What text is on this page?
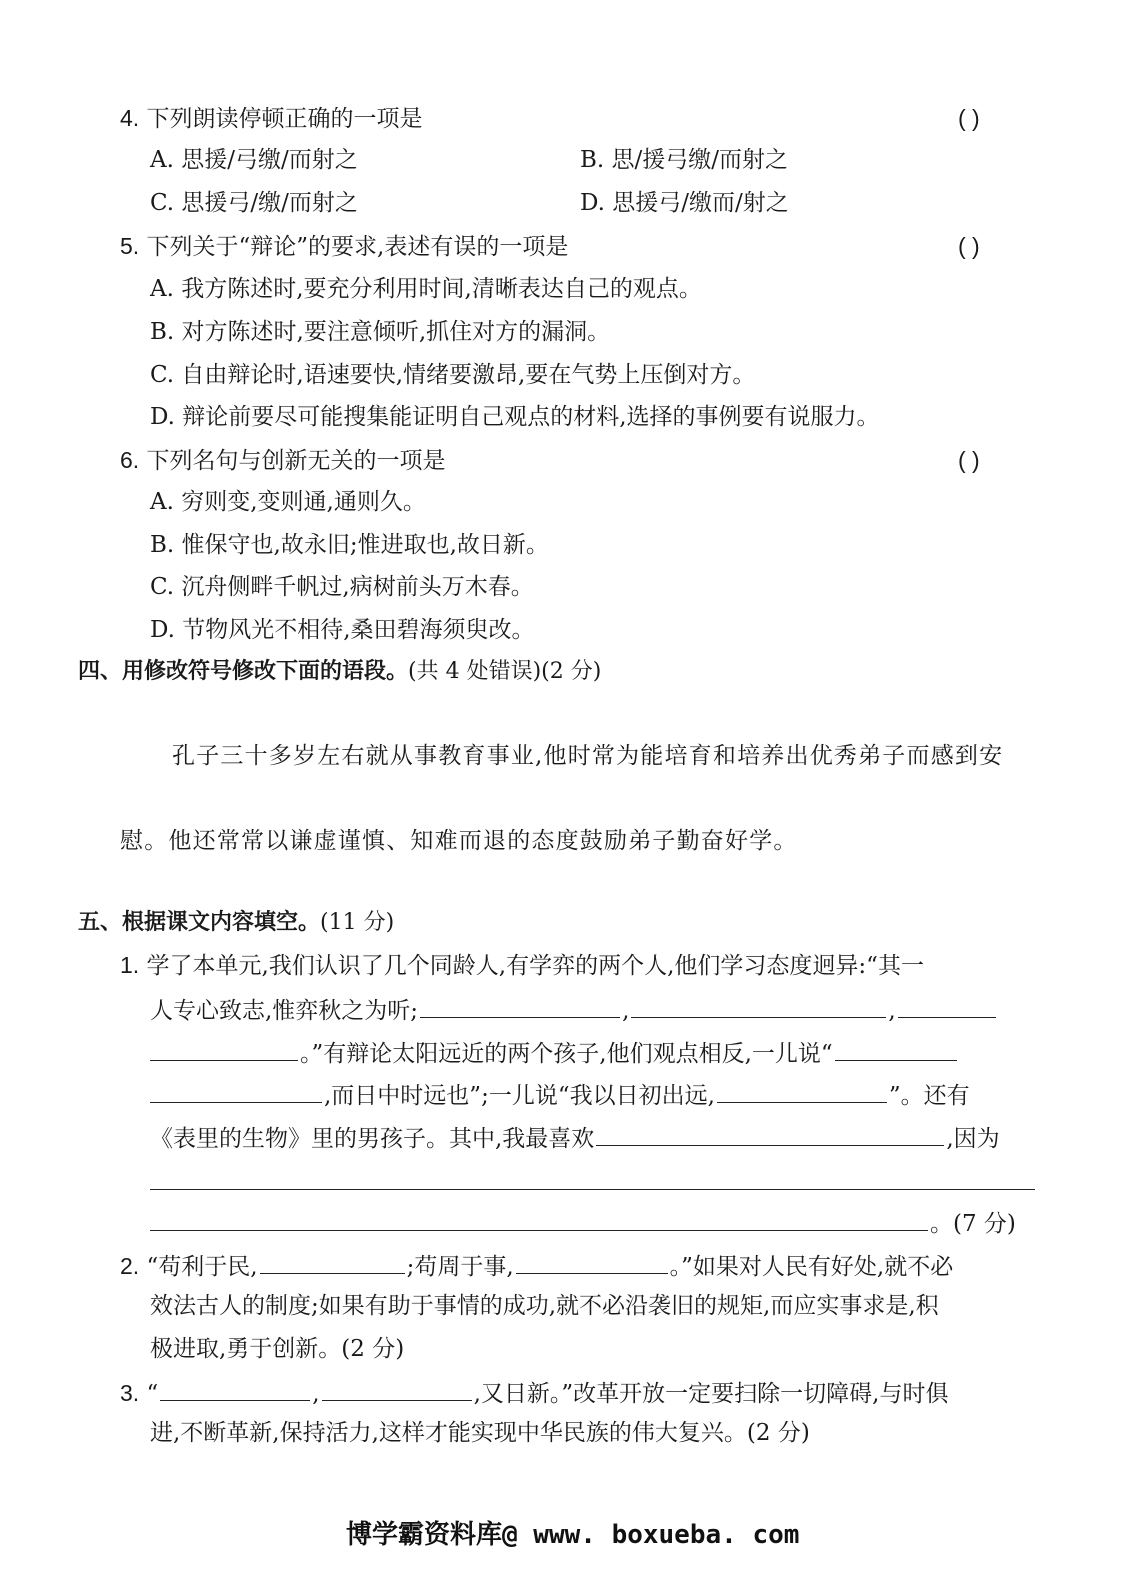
4. 下列朗读停顿正确的一项是	( )
A. 思援/弓缴/而射之	B. 思/援弓缴/而射之
C. 思援弓/缴/而射之	D. 思援弓/缴而/射之
5. 下列关于“辩论”的要求,表述有误的一项是	( )
A. 我方陈述时,要充分利用时间,清晰表达自己的观点。
B. 对方陈述时,要注意倾听,抓住对方的漏洞。
C. 自由辩论时,语速要快,情绪要激昂,要在气势上压倒对方。
D. 辩论前要尽可能搜集能证明自己观点的材料,选择的事例要有说服力。
6. 下列名句与创新无关的一项是	( )
A. 穷则变,变则通,通则久。
B. 惟保守也,故永旧;惟进取也,故日新。
C. 沉舟侧畔千帆过,病树前头万木春。
D. 节物风光不相待,桑田碧海须臾改。
四、用修改符号修改下面的语段。(共 4 处错误)(2 分)
孔子三十多岁左右就从事教育事业,他时常为能培育和培养出优秀弟子而感到安
慰。他还常常以谦虚谨慎、知难而退的态度鼓励弟子勤奋好学。
五、根据课文内容填空。(11 分)
1. 学了本单元,我们认识了几个同龄人,有学弈的两个人,他们学习态度迥异:“其一
人专心致志,惟弈秋之为听;	,	,
。”有辩论太阳远近的两个孩子,他们观点相反,一儿说“
,而日中时远也”;一儿说“我以日初出远,	”。还有
《表里的生物》里的男孩子。其中,我最喜欢	,因为
。(7 分)
2. “苟利于民,	;苟周于事,	。”如果对人民有好处,就不必
效法古人的制度;如果有助于事情的成功,就不必沿袭旧的规矩,而应实事求是,积
极进取,勇于创新。(2 分)
3. “	,	,又日新。”改革开放一定要扫除一切障碍,与时俱
进,不断革新,保持活力,这样才能实现中华民族的伟大复兴。(2 分)
博学霸资料库@ www. boxueba. com
